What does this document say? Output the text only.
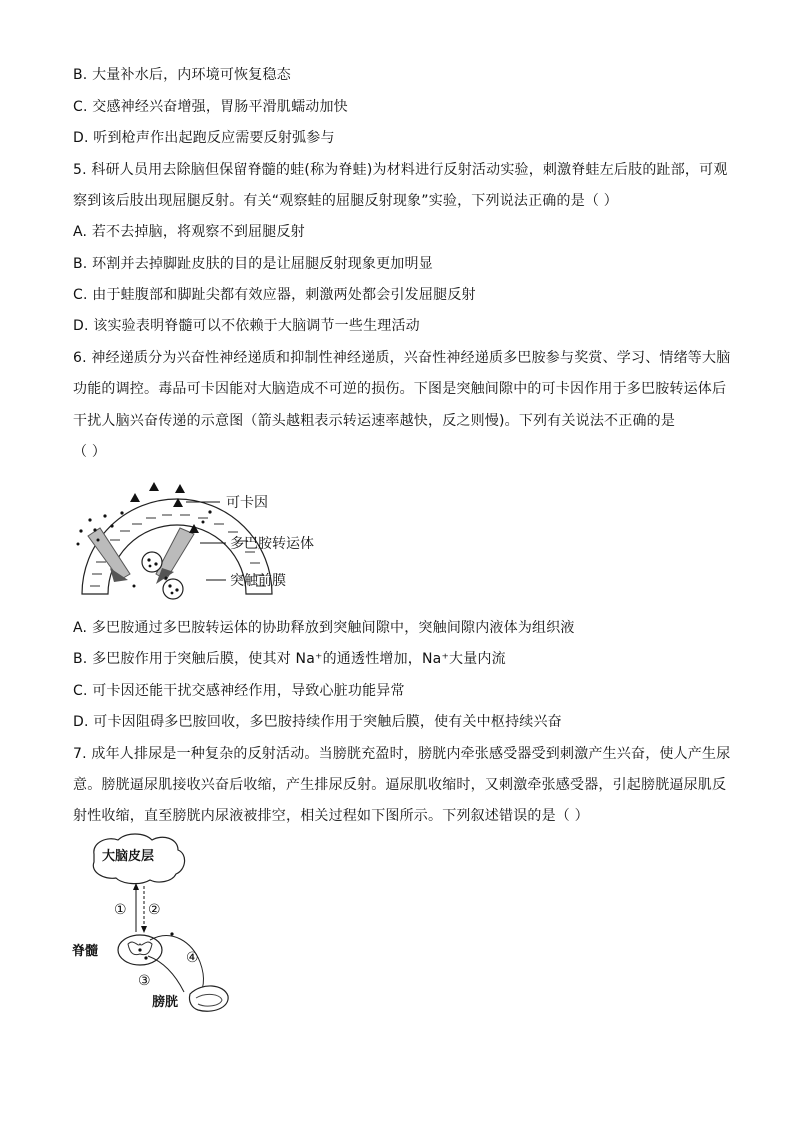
B. 大量补水后，内环境可恢复稳态
C. 交感神经兴奋增强，胃肠平滑肌蠕动加快
D. 听到枪声作出起跑反应需要反射弧参与
5. 科研人员用去除脑但保留脊髓的蛙(称为脊蛙)为材料进行反射活动实验，刺激脊蛙左后肢的趾部，可观
察到该后肢出现屈腿反射。有关“观察蛙的屈腿反射现象”实验，下列说法正确的是（ ）
A. 若不去掉脑，将观察不到屈腿反射
B. 环割并去掉脚趾皮肤的目的是让屈腿反射现象更加明显
C. 由于蛙腹部和脚趾尖都有效应器，刺激两处都会引发屈腿反射
D. 该实验表明脊髓可以不依赖于大脑调节一些生理活动
6. 神经递质分为兴奋性神经递质和抑制性神经递质，兴奋性神经递质多巴胺参与奖赏、学习、情绪等大脑
功能的调控。毒品可卡因能对大脑造成不可逆的损伤。下图是突触间隙中的可卡因作用于多巴胺转运体后
干扰人脑兴奋传递的示意图（箭头越粗表示转运速率越快，反之则慢)。下列有关说法不正确的是
（ ）
A. 多巴胺通过多巴胺转运体的协助释放到突触间隙中，突触间隙内液体为组织液
B. 多巴胺作用于突触后膜，使其对 Na⁺的通透性增加，Na⁺大量内流
C. 可卡因还能干扰交感神经作用，导致心脏功能异常
D. 可卡因阻碍多巴胺回收，多巴胺持续作用于突触后膜，使有关中枢持续兴奋
7. 成年人排尿是一种复杂的反射活动。当膀胱充盈时，膀胱内牵张感受器受到刺激产生兴奋，使人产生尿
意。膀胱逼尿肌接收兴奋后收缩，产生排尿反射。逼尿肌收缩时，又刺激牵张感受器，引起膀胱逼尿肌反
射性收缩，直至膀胱内尿液被排空，相关过程如下图所示。下列叙述错误的是（ ）
可卡因
多巴胺转运体
突触前膜
大脑皮层
① ②
脊髓	④
③
膀胱
